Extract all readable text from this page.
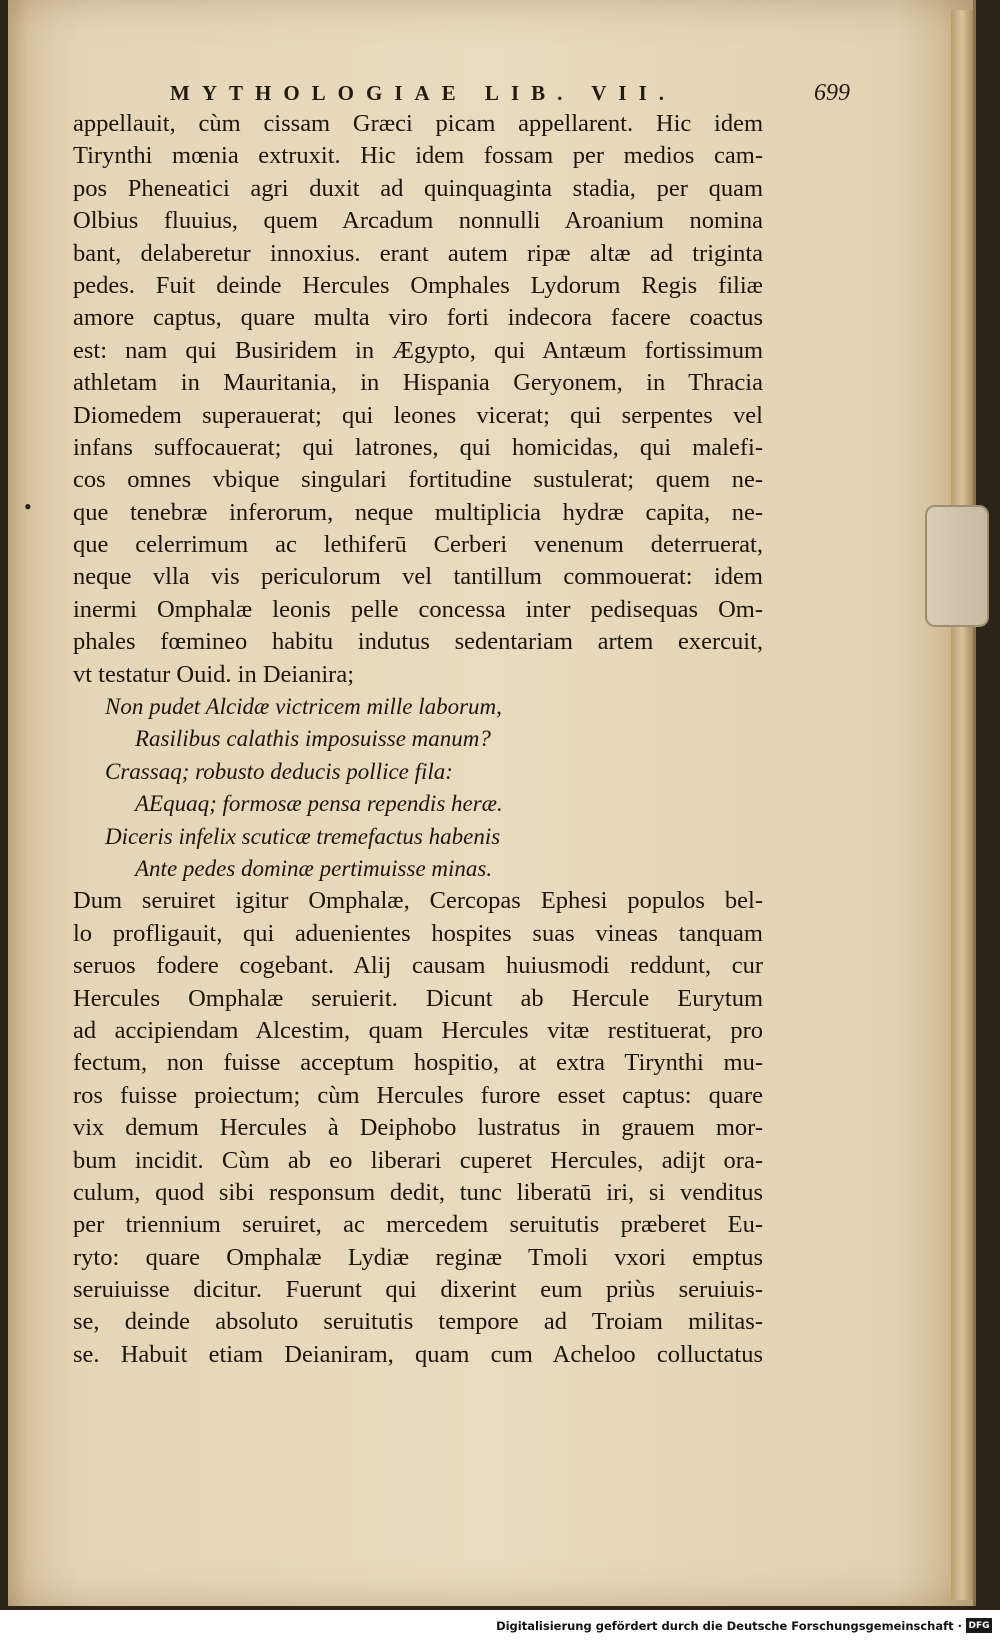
MYTHOLOGIAE LIB. VII.	699
•
appellauit, cùm cissam Græci picam appellarent. Hic idem
Tirynthi mœnia extruxit. Hic idem fossam per medios cam-
pos Pheneatici agri duxit ad quinquaginta stadia, per quam
Olbius fluuius, quem Arcadum nonnulli Aroanium nomina
bant, delaberetur innoxius. erant autem ripæ altæ ad triginta
pedes. Fuit deinde Hercules Omphales Lydorum Regis filiæ
amore captus, quare multa viro forti indecora facere coactus
est: nam qui Busiridem in Ægypto, qui Antæum fortissimum
athletam in Mauritania, in Hispania Geryonem, in Thracia
Diomedem superauerat; qui leones vicerat; qui serpentes vel
infans suffocauerat; qui latrones, qui homicidas, qui malefi-
cos omnes vbique singulari fortitudine sustulerat; quem ne-
que tenebræ inferorum, neque multiplicia hydræ capita, ne-
que celerrimum ac lethiferū Cerberi venenum deterruerat,
neque vlla vis periculorum vel tantillum commouerat: idem
inermi Omphalæ leonis pelle concessa inter pedisequas Om-
phales fœmineo habitu indutus sedentariam artem exercuit,
vt testatur Ouid. in Deianira;
Non pudet Alcidæ victricem mille laborum,
Rasilibus calathis imposuisse manum?
Crassaq; robusto deducis pollice fila:
AEquaq; formosæ pensa rependis heræ.
Diceris infelix scuticæ tremefactus habenis
Ante pedes dominæ pertimuisse minas.
Dum seruiret igitur Omphalæ, Cercopas Ephesi populos bel-
lo profligauit, qui aduenientes hospites suas vineas tanquam
seruos fodere cogebant. Alij causam huiusmodi reddunt, cur
Hercules Omphalæ seruierit. Dicunt ab Hercule Eurytum
ad accipiendam Alcestim, quam Hercules vitæ restituerat, pro
fectum, non fuisse acceptum hospitio, at extra Tirynthi mu-
ros fuisse proiectum; cùm Hercules furore esset captus: quare
vix demum Hercules à Deiphobo lustratus in grauem mor-
bum incidit. Cùm ab eo liberari cuperet Hercules, adijt ora-
culum, quod sibi responsum dedit, tunc liberatū iri, si venditus
per triennium seruiret, ac mercedem seruitutis præberet Eu-
ryto: quare Omphalæ Lydiæ reginæ Tmoli vxori emptus
seruiuisse dicitur. Fuerunt qui dixerint eum priùs seruiuis-
se, deinde absoluto seruitutis tempore ad Troiam militas-
se. Habuit etiam Deianiram, quam cum Acheloo colluctatus
Digitalisierung gefördert durch die Deutsche Forschungsgemeinschaft · DFG
